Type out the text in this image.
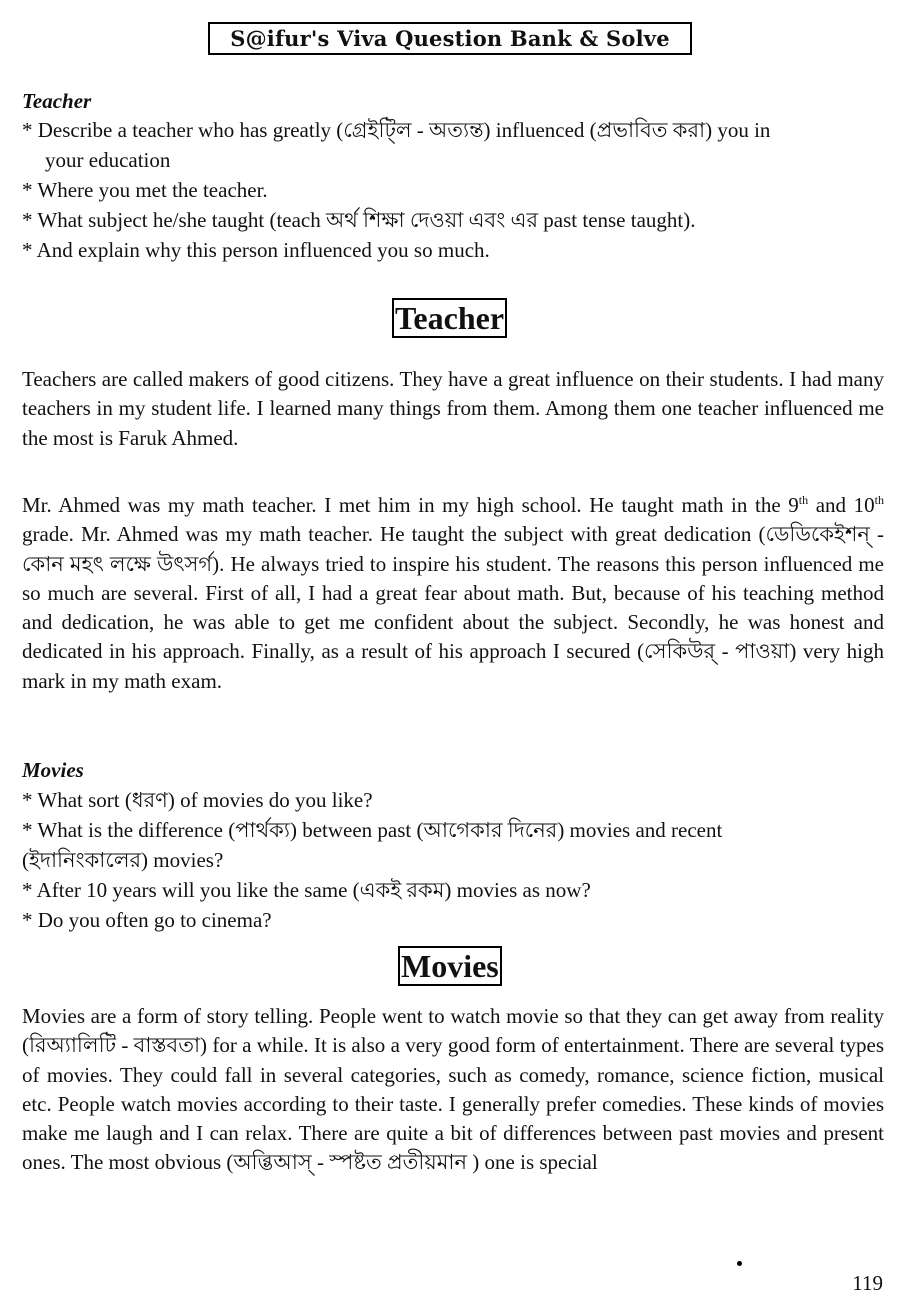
S@ifur's Viva Question Bank & Solve
Teacher
* Describe a teacher who has greatly (গ্রেইট্লি - অত্যন্ত) influenced (প্রভাবিত করা) you in
your education
* Where you met the teacher.
* What subject he/she taught (teach অর্থ শিক্ষা দেওয়া এবং এর past tense taught).
* And explain why this person influenced you so much.
Teacher

Teachers are called makers of good citizens. They have a great influence on their students. I had many teachers in my student life. I learned many things from them. Among them one teacher influenced me the most is Faruk Ahmed.

Mr. Ahmed was my math teacher. I met him in my high school. He taught math in the 9th and 10th grade. Mr. Ahmed was my math teacher. He taught the subject with great dedication (ডেডিকেইশন্ - কোন মহৎ লক্ষে উৎসর্গ). He always tried to inspire his student. The reasons this person influenced me so much are several. First of all, I had a great fear about math. But, because of his teaching method and dedication, he was able to get me confident about the subject. Secondly, he was honest and dedicated in his approach. Finally, as a result of his approach I secured (সেকিউর্ - পাওয়া) very high mark in my math exam.

Movies
* What sort (ধরণ) of movies do you like?
* What is the difference (পার্থক্য) between past (আগেকার দিনের) movies and recent
(ইদানিংকালের) movies?
* After 10 years will you like the same (একই রকম) movies as now?
* Do you often go to cinema?
Movies

Movies are a form of story telling. People went to watch movie so that they can get away from reality (রিঅ্যালিটি - বাস্তবতা) for a while. It is also a very good form of entertainment. There are several types of movies. They could fall in several categories, such as comedy, romance, science fiction, musical etc. People watch movies according to their taste. I generally prefer comedies. These kinds of movies make me laugh and I can relax. There are quite a bit of differences between past movies and present ones. The most obvious (অব্ভিআস্ - স্পষ্টত প্রতীয়মান ) one is special

119
